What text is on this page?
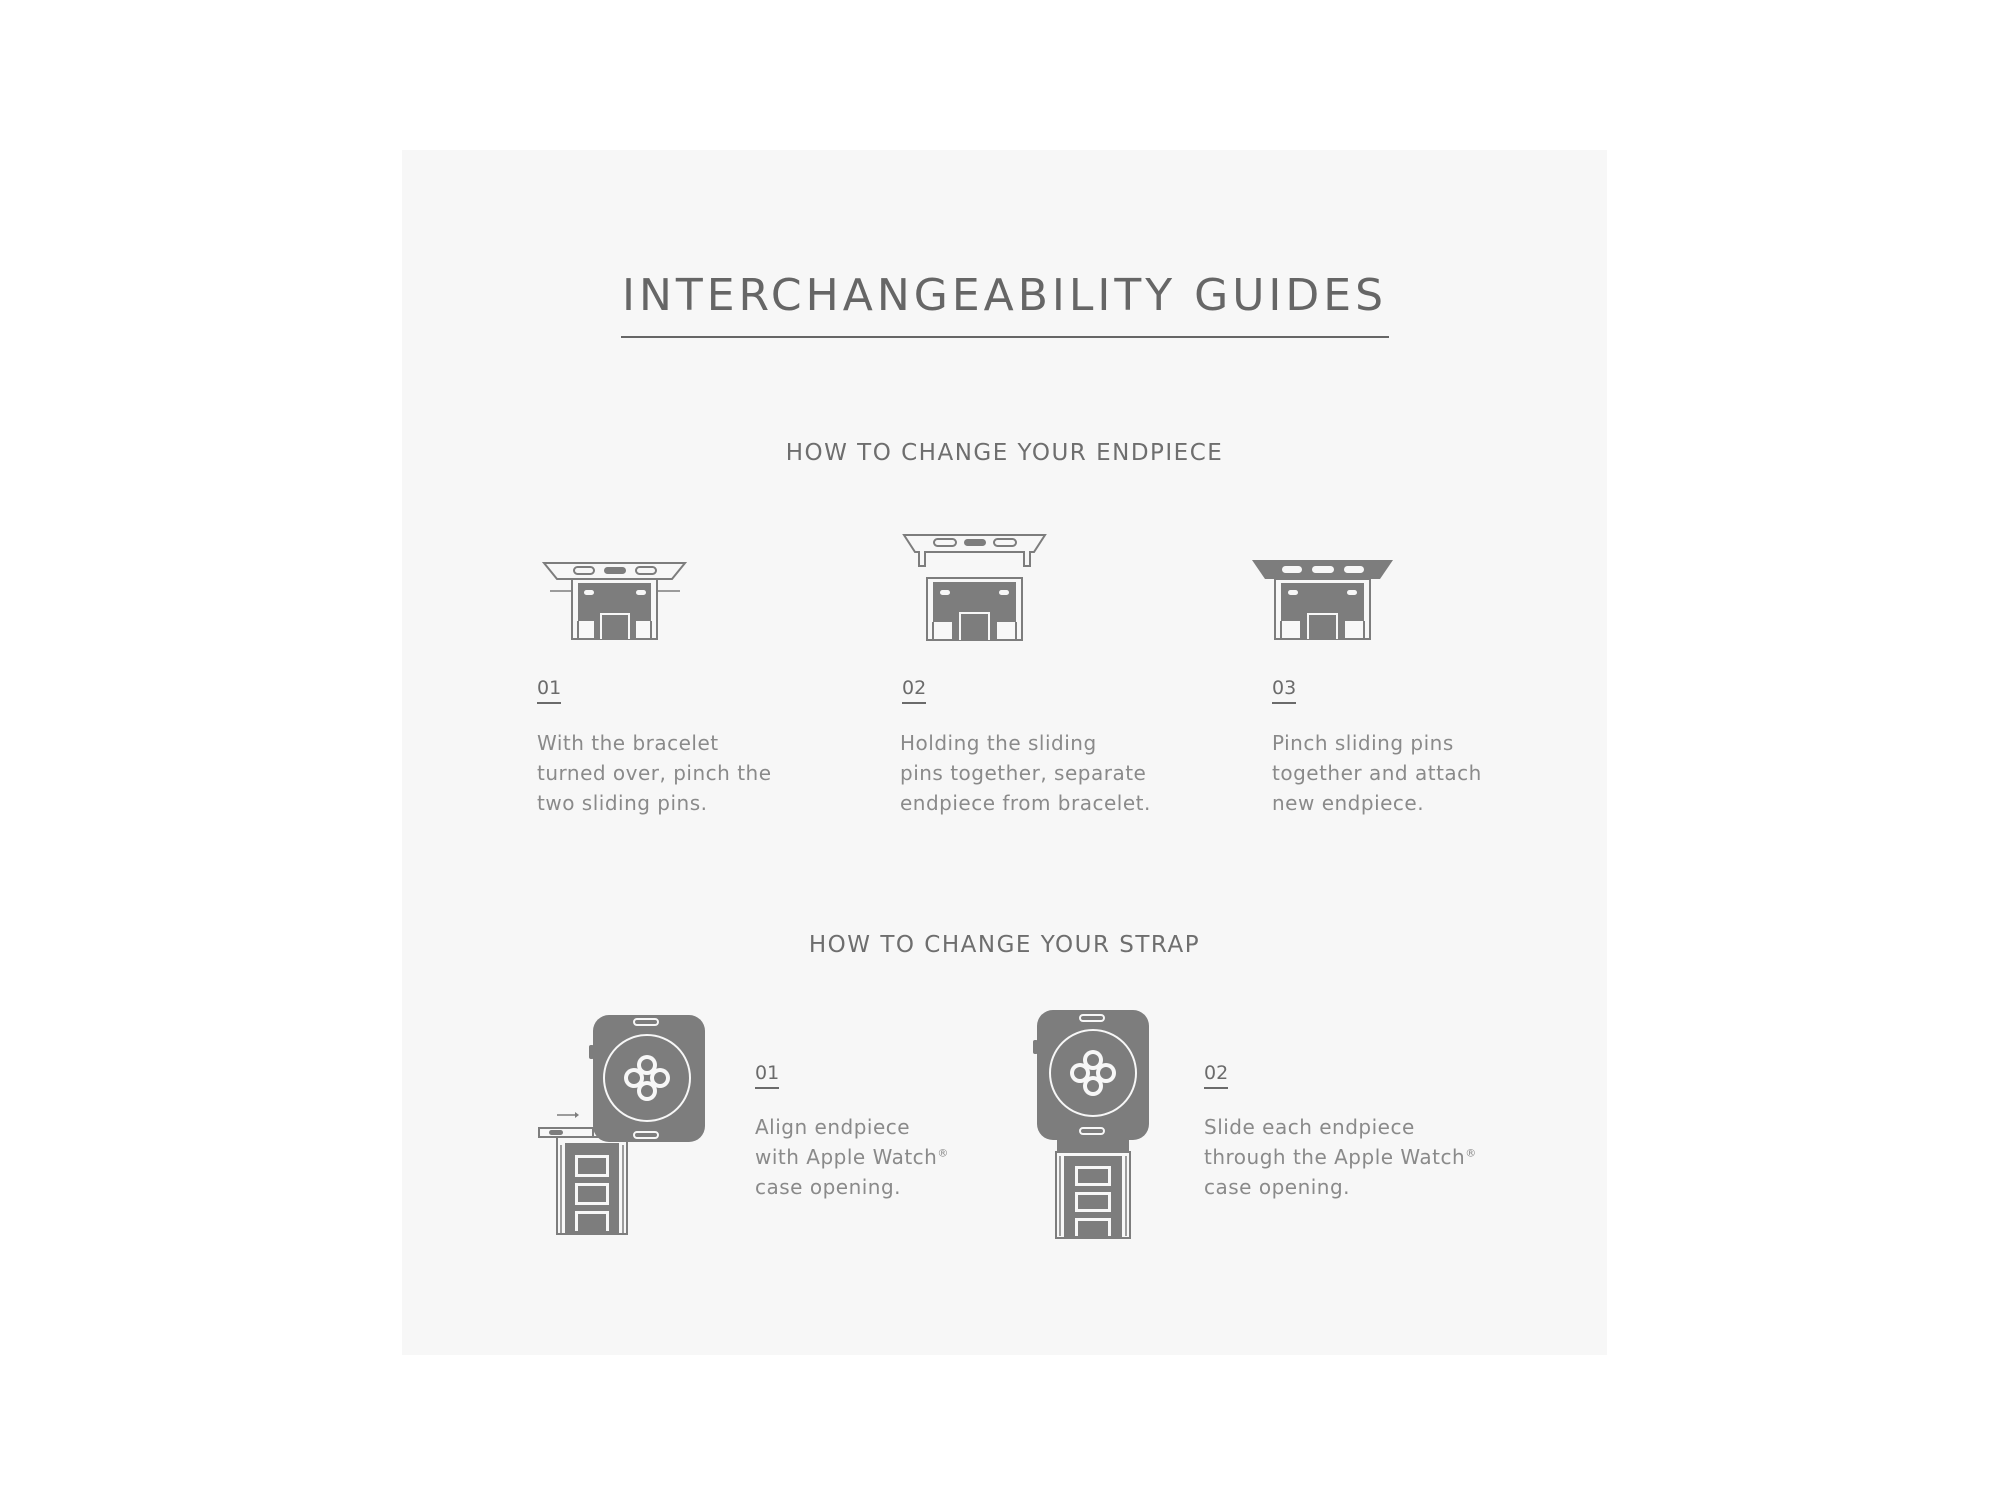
INTERCHANGEABILITY GUIDES
HOW TO CHANGE YOUR ENDPIECE
01
With the bracelet
turned over, pinch the
two sliding pins.
02
Holding the sliding
pins together, separate
endpiece from bracelet.
03
Pinch sliding pins
together and attach
new endpiece.
HOW TO CHANGE YOUR STRAP
01
Align endpiece
with Apple Watch®
case opening.
02
Slide each endpiece
through the Apple Watch®
case opening.
